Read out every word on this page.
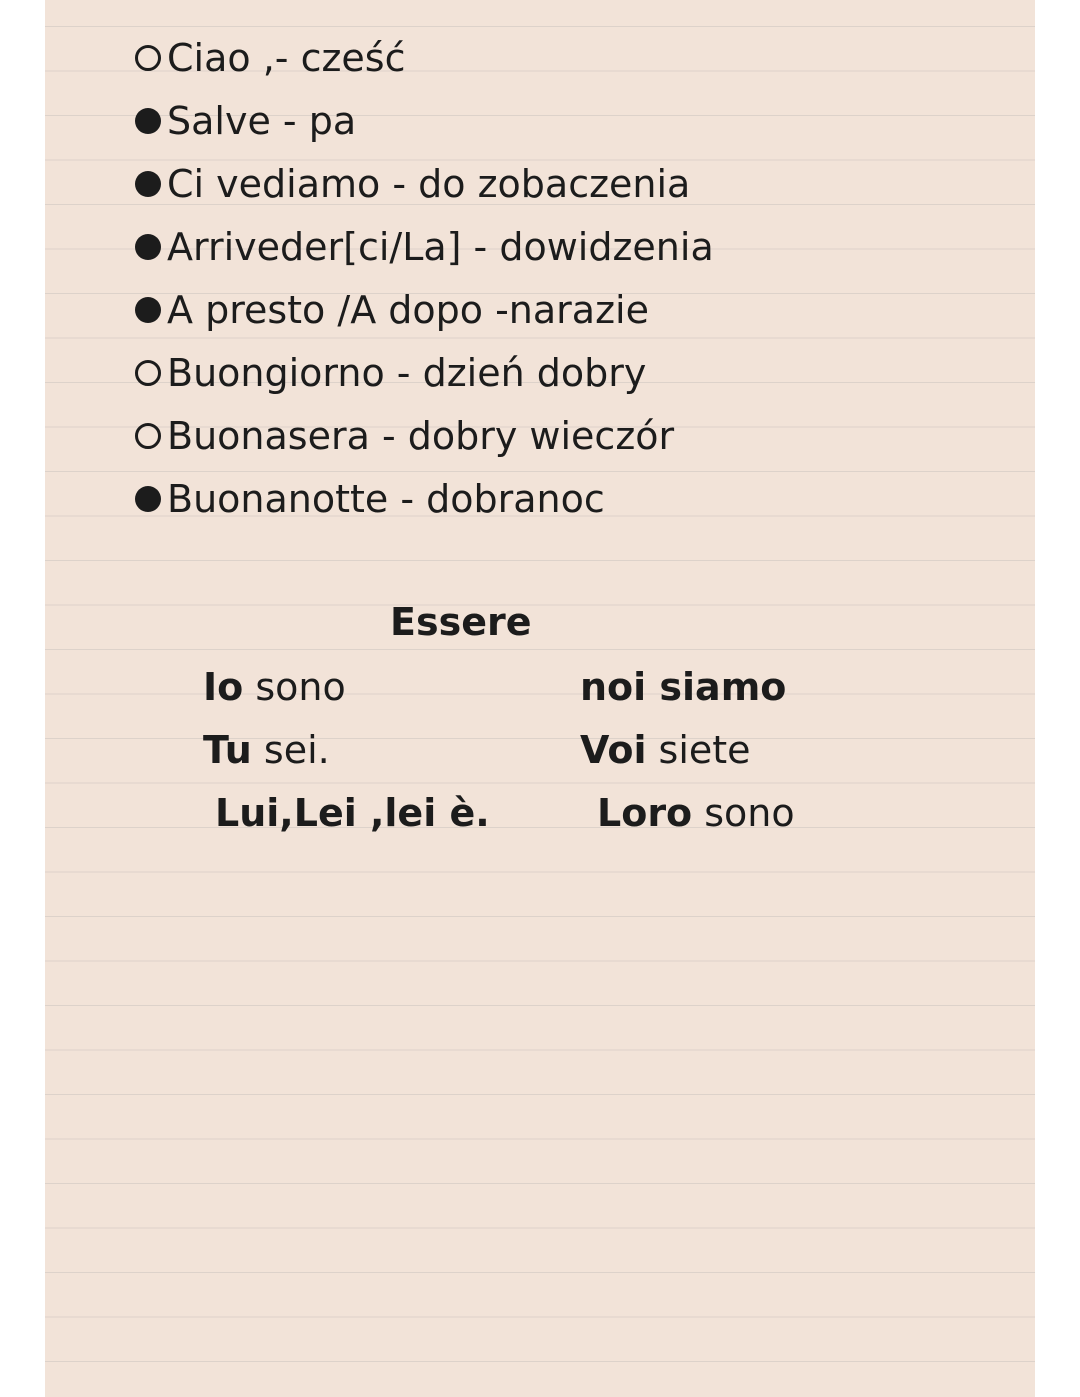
Ciao ,- cześć
Salve - pa
Ci vediamo - do zobaczenia
Arriveder[ci/La] - dowidzenia
A presto /A dopo -narazie
Buongiorno - dzień dobry
Buonasera - dobry wieczór
Buonanotte - dobranoc
Essere
Io sono
Tu sei.
Lui,Lei ,lei è.
noi siamo
Voi siete
Loro sono
